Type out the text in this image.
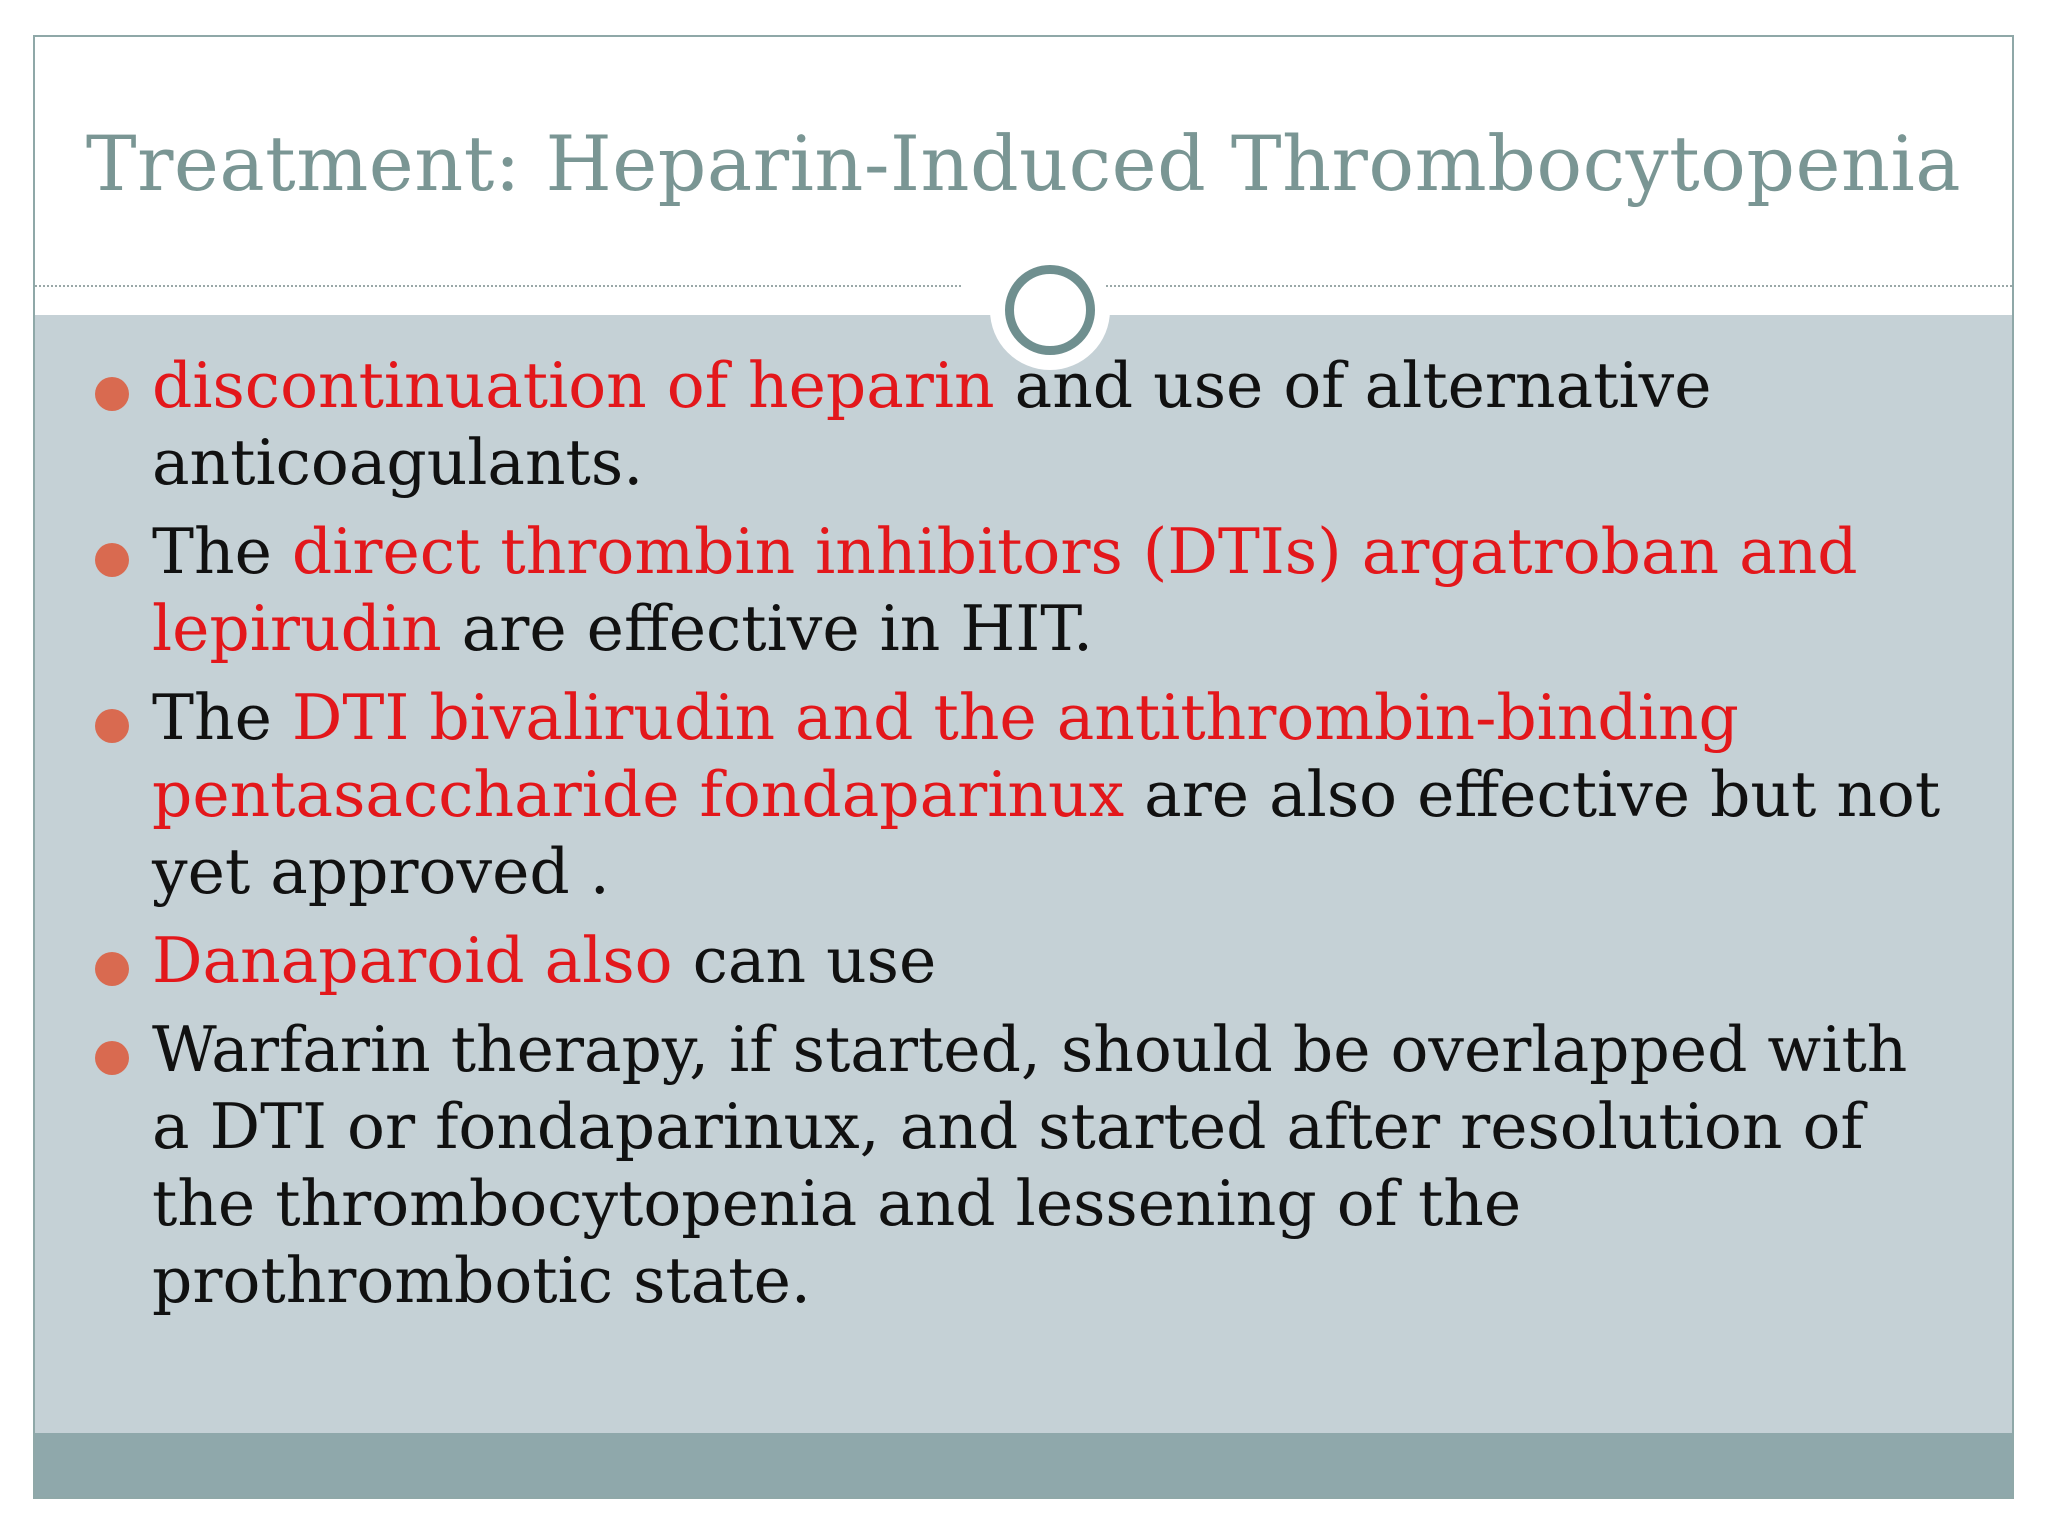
Treatment: Heparin-Induced Thrombocytopenia
discontinuation of heparin and use of alternative anticoagulants.
The direct thrombin inhibitors (DTIs) argatroban and lepirudin are effective in HIT.
The DTI bivalirudin and the antithrombin-binding pentasaccharide fondaparinux are also effective but not yet approved .
Danaparoid also can use
Warfarin therapy, if started, should be overlapped with a DTI or fondaparinux, and started after resolution of the thrombocytopenia and lessening of the prothrombotic state.
